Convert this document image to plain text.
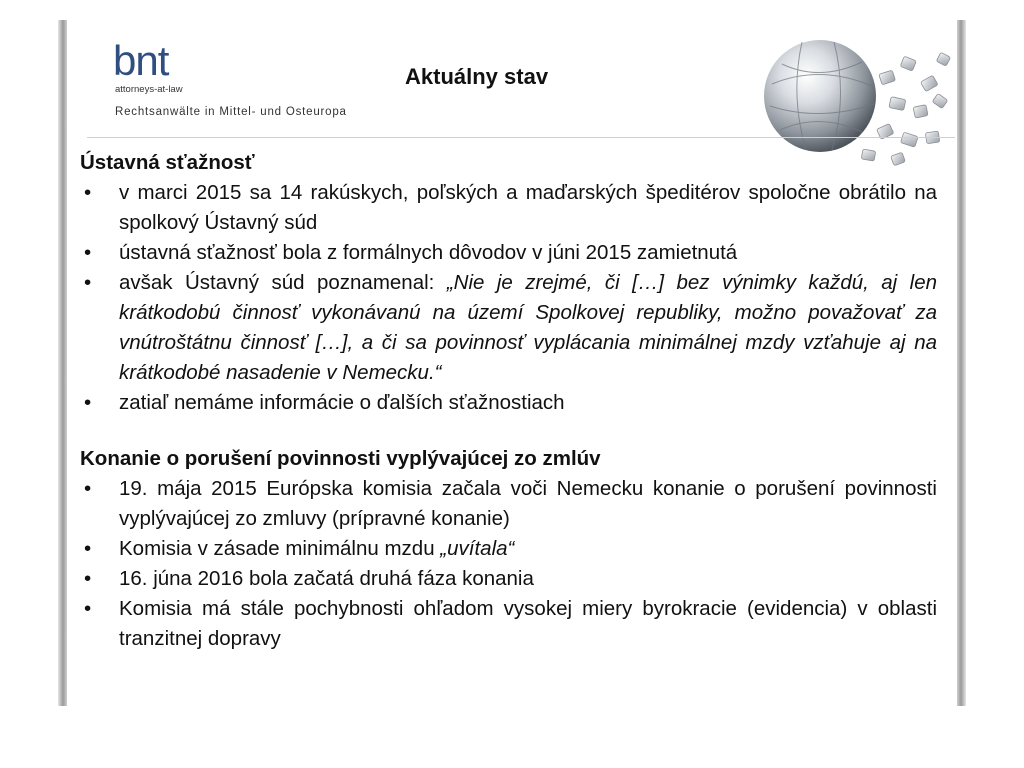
bnt
attorneys-at-law
Rechtsanwälte in Mittel- und Osteuropa
Aktuálny stav

Ústavná sťažnosť

• v marci 2015 sa 14 rakúskych, poľských a maďarských špeditérov spoločne obrátilo na spolkový Ústavný súd
• ústavná sťažnosť bola z formálnych dôvodov v júni 2015 zamietnutá
• avšak Ústavný súd poznamenal: „Nie je zrejmé, či […] bez výnimky každú, aj len krátkodobú činnosť vykonávanú na území Spolkovej republiky, možno považovať za vnútroštátnu činnosť […], a či sa povinnosť vyplácania minimálnej mzdy vzťahuje aj na krátkodobé nasadenie v Nemecku.“
• zatiaľ nemáme informácie o ďalších sťažnostiach

Konanie o porušení povinnosti vyplývajúcej zo zmlúv

• 19. mája 2015 Európska komisia začala voči Nemecku konanie o porušení povinnosti vyplývajúcej zo zmluvy (prípravné konanie)
• Komisia v zásade minimálnu mzdu „uvítala“
• 16. júna 2016 bola začatá druhá fáza konania
• Komisia má stále pochybnosti ohľadom vysokej miery byrokracie (evidencia) v oblasti tranzitnej dopravy
